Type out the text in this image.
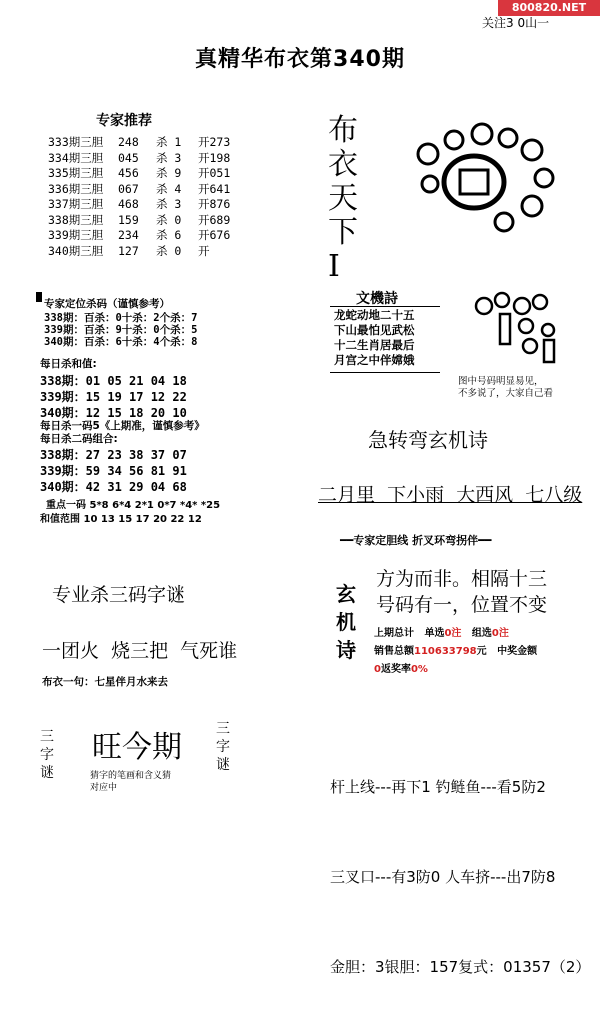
800820.NET
关注3 0山一
真精华布衣第340期
专家推荐
333期三胆	248	杀 1	开273
334期三胆	045	杀 3	开198
335期三胆	456	杀 9	开051
336期三胆	067	杀 4	开641
337期三胆	468	杀 3	开876
338期三胆	159	杀 0	开689
339期三胆	234	杀 6	开676
340期三胆	127	杀 0	开
布衣天下I
专家定位杀码（谨慎参考）
338期：百杀：0十杀：2个杀：7
339期：百杀：9十杀：0个杀：5
340期：百杀：6十杀：4个杀：8
每日杀和值:
338期：01 05 21 04 18
339期：15 19 17 12 22
340期：12 15 18 20 10
每日杀一码5《上期准，谨慎参考》
每日杀二码组合:
338期：27 23 38 37 07
339期：59 34 56 81 91
340期：42 31 29 04 68
重点一码 5*8 6*4 2*1 0*7 *4* *25
和值范围 10 13 15 17 20 22 12
文機詩
龙蛇动地二十五
下山最怕见武松
十二生肖居最后
月宫之中伴嫦娥
图中号码明显易见，
不多说了，大家自己看
急转弯玄机诗
二月里  下小雨  大西风  七八级
━━专家定胆线 折叉环弯拐伴━━
玄机诗
方为而非。相隔十三
号码有一，位置不变
上期总计 单选0注 组选0注
销售总额110633798元 中奖金额
0返奖率0%
专业杀三码字谜
一团火  烧三把  气死谁
布衣一句：七星伴月水来去
三字谜
旺今期
三字谜
猜字的笔画和含义猜
对应中

	杆上线---再下1 钓鲢鱼---看5防2

三叉口---有3防0 人车挤---出7防8

金胆：3银胆：157复式：01357（2）
